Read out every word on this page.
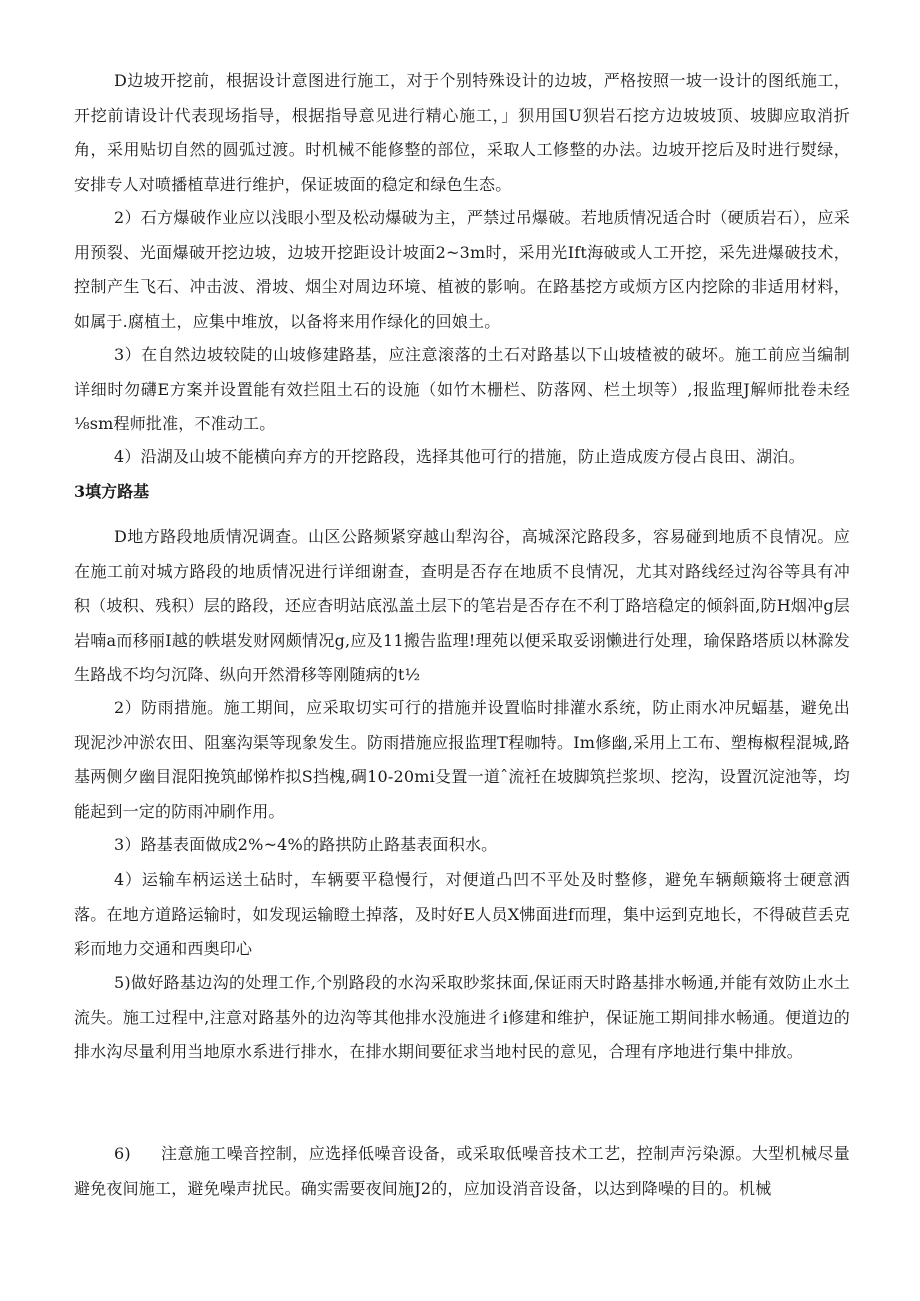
D边坡开挖前，根据设计意图进行施工，对于个别特殊设计的边坡，严格按照一坡一设计的图纸施工，开挖前请设计代表现场指导，根据指导意见进行精心施工，」狈用国U狈岩石挖方边坡坡顶、坡脚应取消折角，采用贴切自然的圆弧过渡。时机械不能修整的部位，采取人工修整的办法。边坡开挖后及时进行熨绿，安排专人对喷播植草进行维护，保证坡面的稳定和绿色生态。

2）石方爆破作业应以浅眼小型及松动爆破为主，严禁过吊爆破。若地质情况适合时（硬质岩石），应采用预裂、光面爆破开挖边坡，边坡开挖距设计坡面2~3m时，采用光Ift海破或人工开挖，采先进爆破技术，控制产生飞石、冲击波、滑坡、烟尘对周边环境、植被的影响。在路基挖方或烦方区内挖除的非适用材料，如属于.腐植土，应集中堆放，以备将来用作绿化的回娘土。

3）在自然边坡较陡的山坡修建路基，应注意滚落的土石对路基以下山坡楂被的破坏。施工前应当编制详细时勿礴E方案并设置能有效拦阻土石的设施（如竹木栅栏、防落网、栏土坝等）,报监理J解师批卷未经⅛sm程师批准，不准动工。

4）沿湖及山坡不能横向弃方的开挖路段，选择其他可行的措施，防止造成废方侵占良田、湖泊。

3填方路基

D地方路段地质情况调查。山区公路频紧穿越山犁沟谷，高城深沱路段多，容易碰到地质不良情况。应在施工前对城方路段的地质情况进行详细谢查，查明是否存在地质不良情况，尤其对路线经过沟谷等具有冲积（坡积、残积）层的路段，还应杳明站底泓盖土层下的笔岩是否存在不利丁路培稳定的倾斜面,防H烟冲g层岩喃a而移丽I越的帙堪发财网颇情况g,应及11搬告监理!理苑以便采取妥诩懒进行处理，瑜保路塔质以林滁发生路战不均匀沉降、纵向开然滑移等刚随病的t½

2）防雨措施。施工期间，应采取切实可行的措施并设置临时排灌水系统，防止雨水冲尻蝠基，避免出现泥沙冲淤农田、阻塞沟渠等现象发生。防雨措施应报监理T程咖特。Im修幽,采用上工布、塑梅椒程混城,路基两侧夕幽目混阳挽筑邮悌柞拟S挡槐,碉10-20mi殳置一道ˆ流衽在坡脚筑拦浆坝、挖沟，设置沉淀池等，均能起到一定的防雨冲刷作用。

3）路基表面做成2%~4%的路拱防止路基表面积水。

4）运输车柄运送土砧时，车辆要平稳慢行，对便道凸凹不平处及时整修，避免车辆颠簸将士硬意洒落。在地方道路运输时，如发现运输瞪土掉落，及时好E人员X怫面进f而理，集中运到克地长，不得破苣丢克彩而地力交通和西奥印心

5)做好路基边沟的处理工作,个别路段的水沟采取眇浆抹面,保证雨天时路基排水畅通,并能有效防止水土流失。施工过程中,注意对路基外的边沟等其他排水没施进彳i修建和维护，保证施工期间排水畅通。便道边的排水沟尽量利用当地原水系进行排水，在排水期间要征求当地村民的意见，合理有序地进行集中排放。

6) 注意施工噪音控制，应选择低噪音设备，或采取低噪音技术工艺，控制声污染源。大型机械尽量避免夜间施工，避免噪声扰民。确实需要夜间施J2的，应加设消音设备，以达到降噪的目的。机械
